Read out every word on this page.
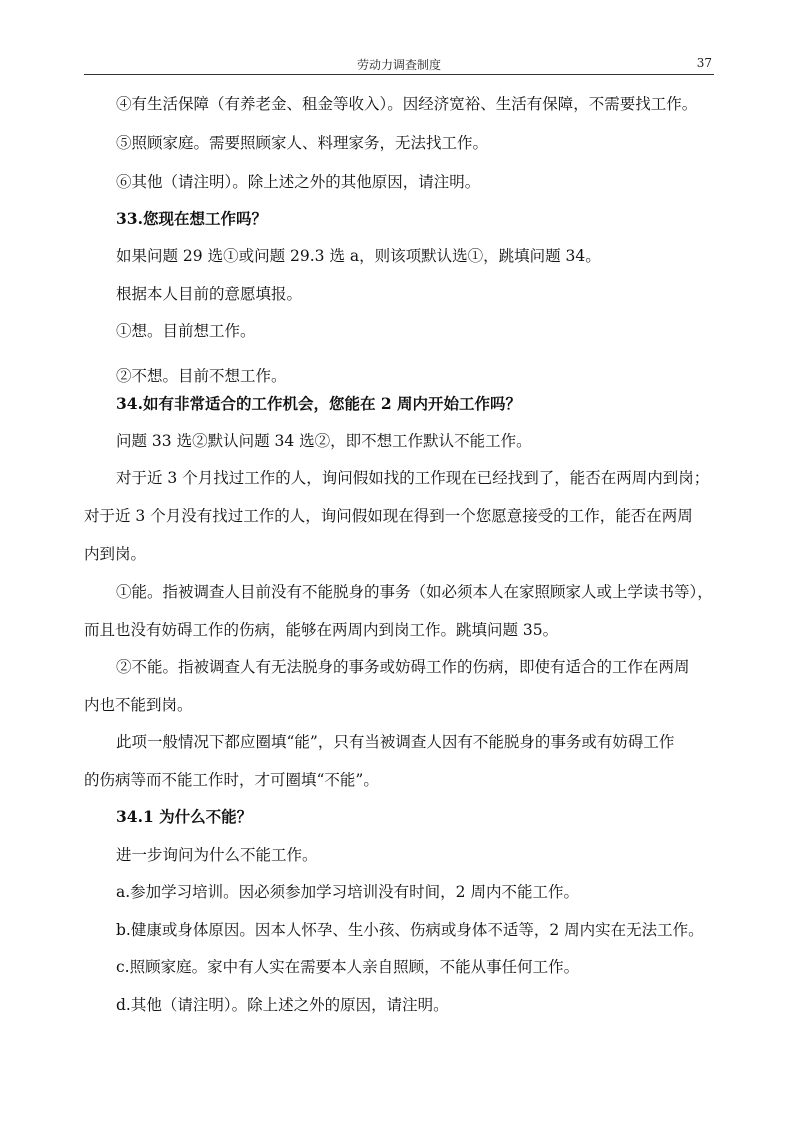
劳动力调查制度	37
④有生活保障（有养老金、租金等收入）。因经济宽裕、生活有保障，不需要找工作。
⑤照顾家庭。需要照顾家人、料理家务，无法找工作。
⑥其他（请注明）。除上述之外的其他原因，请注明。
33.您现在想工作吗？
如果问题 29 选①或问题 29.3 选 a，则该项默认选①，跳填问题 34。
根据本人目前的意愿填报。
①想。目前想工作。
②不想。目前不想工作。
34.如有非常适合的工作机会，您能在 2 周内开始工作吗？
问题 33 选②默认问题 34 选②，即不想工作默认不能工作。
对于近 3 个月找过工作的人，询问假如找的工作现在已经找到了，能否在两周内到岗；
对于近 3 个月没有找过工作的人，询问假如现在得到一个您愿意接受的工作，能否在两周
内到岗。
①能。指被调查人目前没有不能脱身的事务（如必须本人在家照顾家人或上学读书等），
而且也没有妨碍工作的伤病，能够在两周内到岗工作。跳填问题 35。
②不能。指被调查人有无法脱身的事务或妨碍工作的伤病，即使有适合的工作在两周
内也不能到岗。
此项一般情况下都应圈填“能”，只有当被调查人因有不能脱身的事务或有妨碍工作
的伤病等而不能工作时，才可圈填“不能”。
34.1 为什么不能？
进一步询问为什么不能工作。
a.参加学习培训。因必须参加学习培训没有时间，2 周内不能工作。
b.健康或身体原因。因本人怀孕、生小孩、伤病或身体不适等，2 周内实在无法工作。
c.照顾家庭。家中有人实在需要本人亲自照顾，不能从事任何工作。
d.其他（请注明）。除上述之外的原因，请注明。
